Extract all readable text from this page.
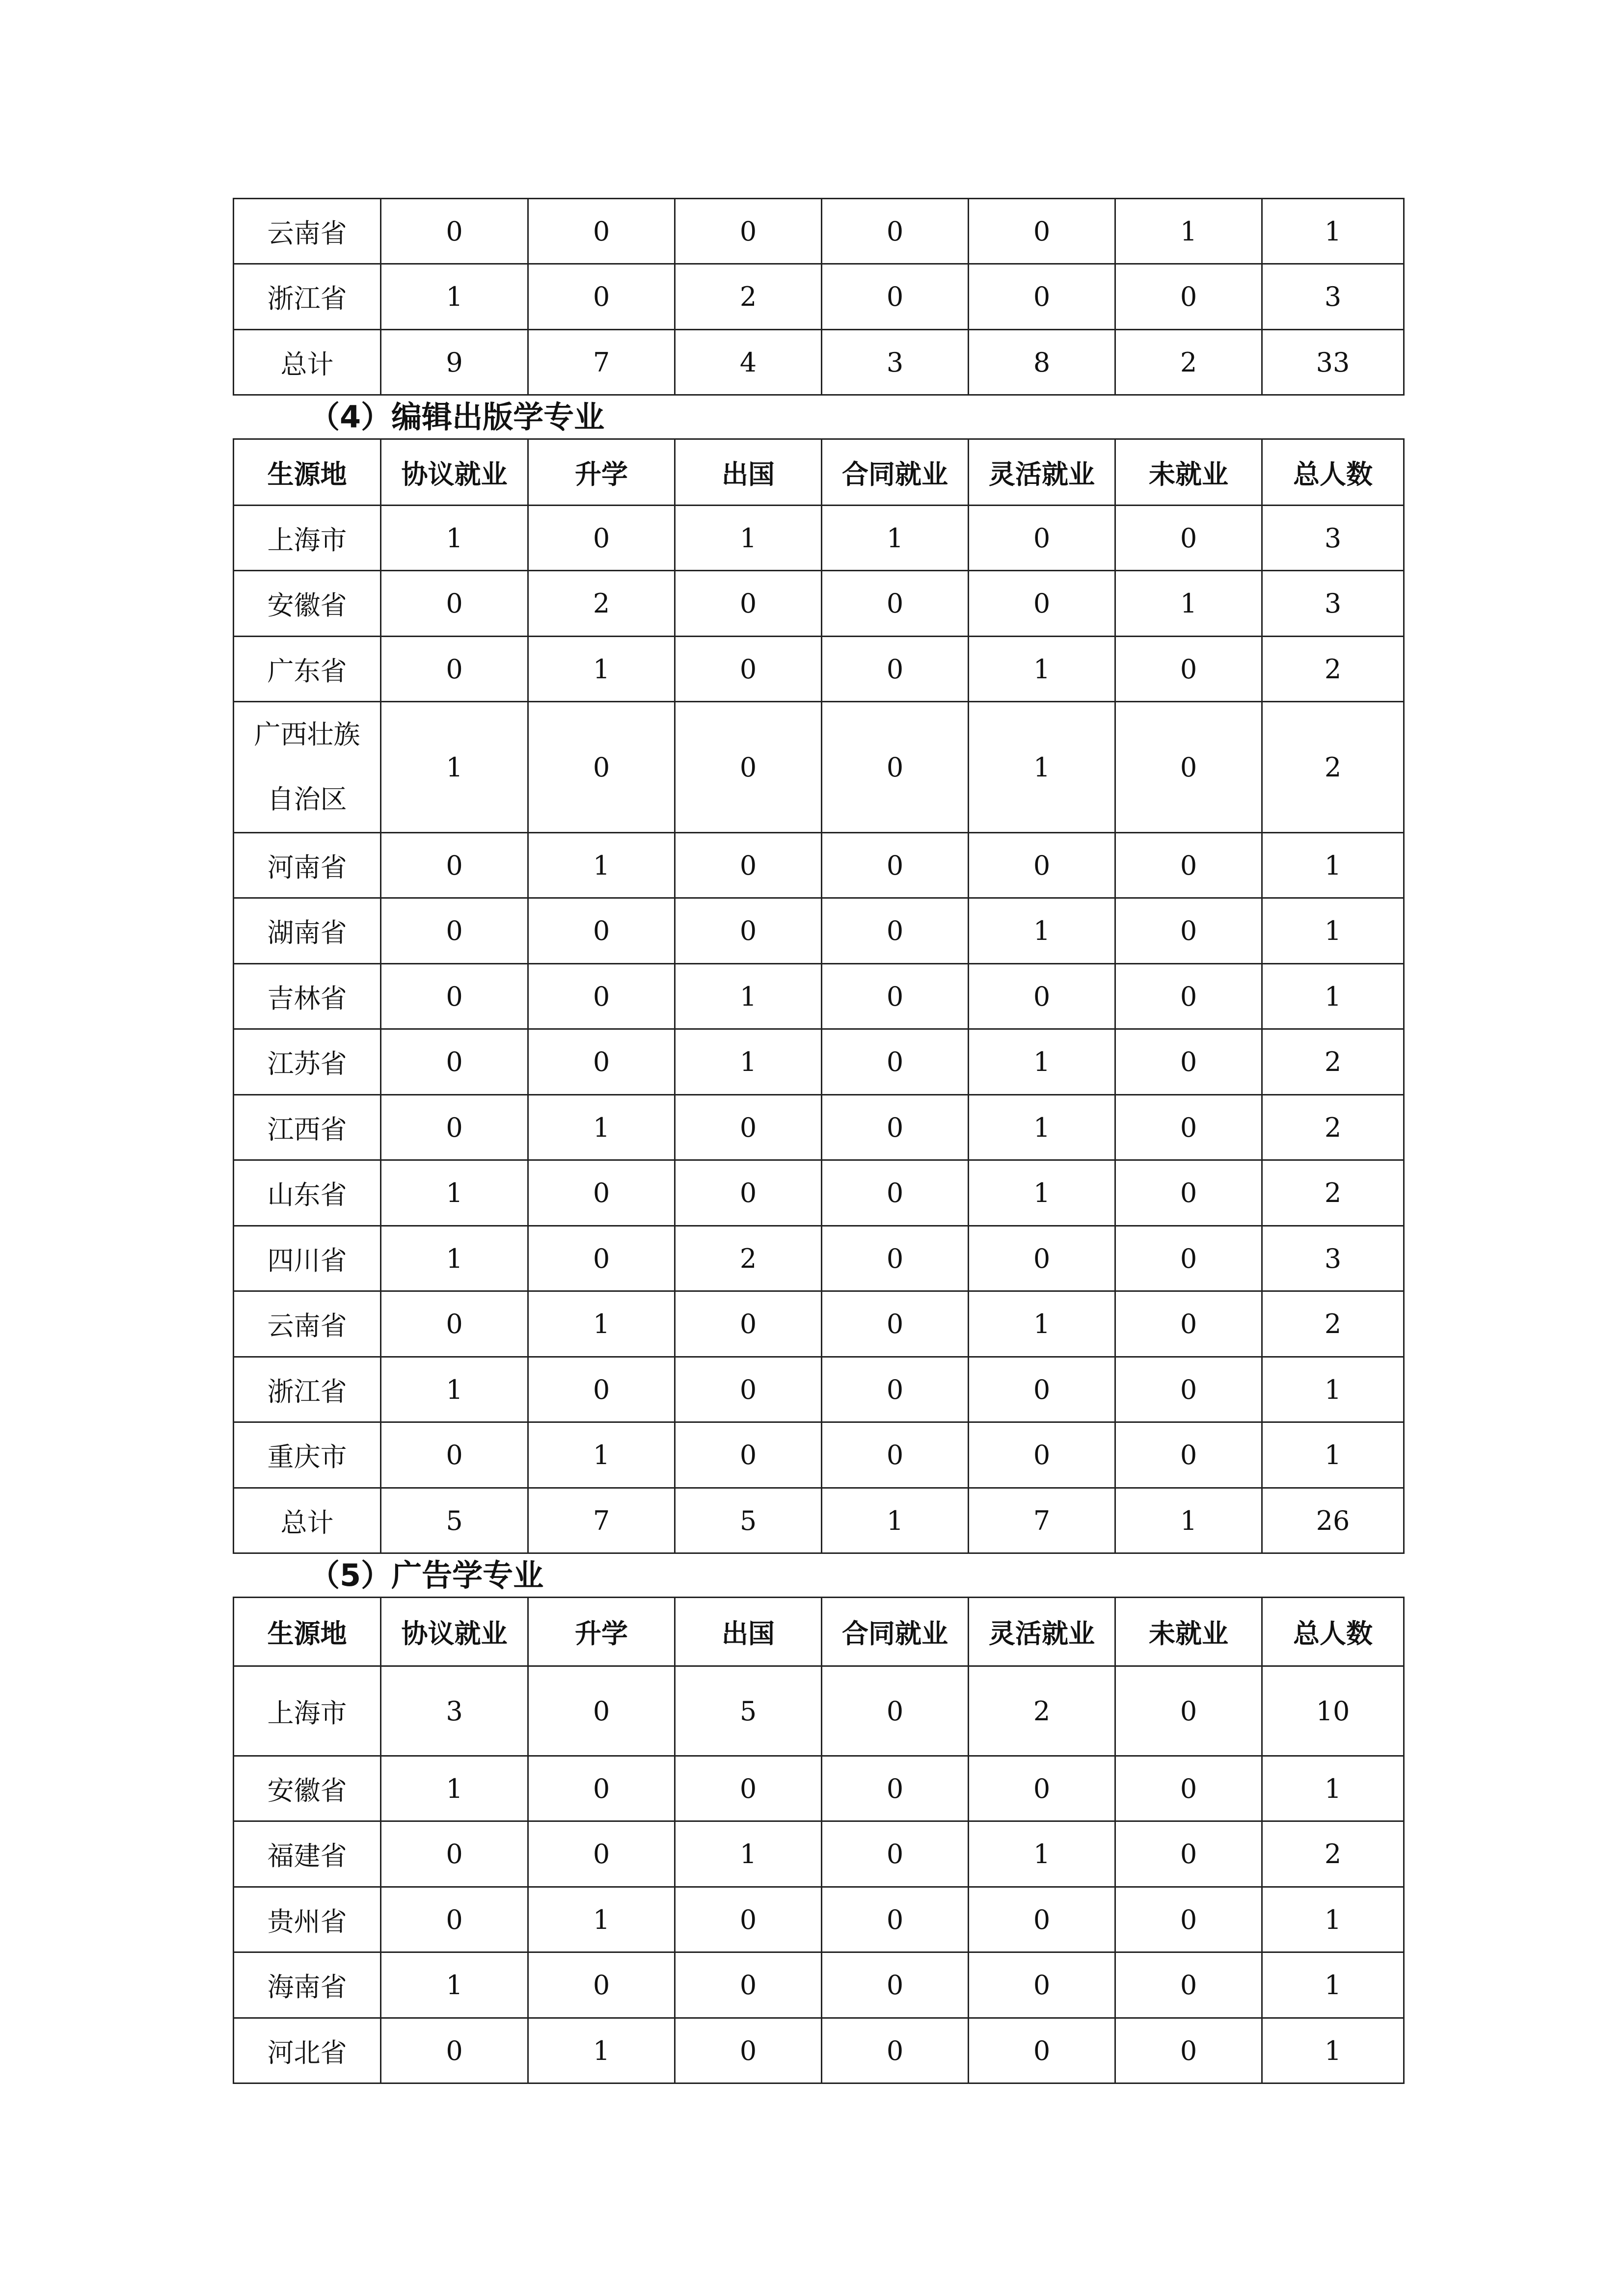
云南省	0	0	0	0	0	1	1
浙江省	1	0	2	0	0	0	3
总计	9	7	4	3	8	2	33
（4）编辑出版学专业
生源地	协议就业	升学	出国	合同就业	灵活就业	未就业	总人数
上海市	1	0	1	1	0	0	3
安徽省	0	2	0	0	0	1	3
广东省	0	1	0	0	1	0	2
广西壮族自治区	1	0	0	0	1	0	2
河南省	0	1	0	0	0	0	1
湖南省	0	0	0	0	1	0	1
吉林省	0	0	1	0	0	0	1
江苏省	0	0	1	0	1	0	2
江西省	0	1	0	0	1	0	2
山东省	1	0	0	0	1	0	2
四川省	1	0	2	0	0	0	3
云南省	0	1	0	0	1	0	2
浙江省	1	0	0	0	0	0	1
重庆市	0	1	0	0	0	0	1
总计	5	7	5	1	7	1	26
（5）广告学专业
生源地	协议就业	升学	出国	合同就业	灵活就业	未就业	总人数
上海市	3	0	5	0	2	0	10
安徽省	1	0	0	0	0	0	1
福建省	0	0	1	0	1	0	2
贵州省	0	1	0	0	0	0	1
海南省	1	0	0	0	0	0	1
河北省	0	1	0	0	0	0	1
